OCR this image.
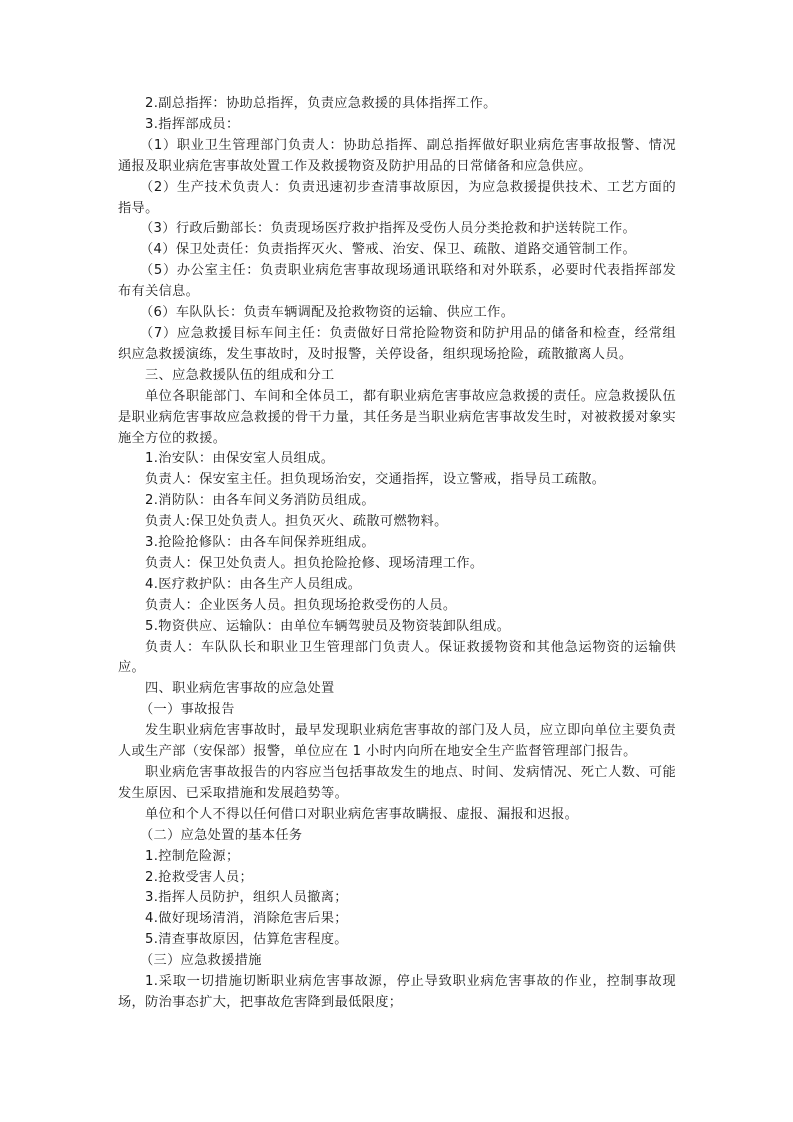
2.副总指挥：协助总指挥，负责应急救援的具体指挥工作。

3.指挥部成员：

（1）职业卫生管理部门负责人：协助总指挥、副总指挥做好职业病危害事故报警、情况通报及职业病危害事故处置工作及救援物资及防护用品的日常储备和应急供应。

（2）生产技术负责人：负责迅速初步查清事故原因，为应急救援提供技术、工艺方面的指导。

（3）行政后勤部长：负责现场医疗救护指挥及受伤人员分类抢救和护送转院工作。

（4）保卫处责任：负责指挥灭火、警戒、治安、保卫、疏散、道路交通管制工作。

（5）办公室主任：负责职业病危害事故现场通讯联络和对外联系，必要时代表指挥部发布有关信息。

（6）车队队长：负责车辆调配及抢救物资的运输、供应工作。

（7）应急救援目标车间主任：负责做好日常抢险物资和防护用品的储备和检查，经常组织应急救援演练，发生事故时，及时报警，关停设备，组织现场抢险，疏散撤离人员。

三、应急救援队伍的组成和分工

单位各职能部门、车间和全体员工，都有职业病危害事故应急救援的责任。应急救援队伍是职业病危害事故应急救援的骨干力量，其任务是当职业病危害事故发生时，对被救援对象实施全方位的救援。

1.治安队：由保安室人员组成。

负责人：保安室主任。担负现场治安，交通指挥，设立警戒，指导员工疏散。

2.消防队：由各车间义务消防员组成。

负责人:保卫处负责人。担负灭火、疏散可燃物料。

3.抢险抢修队：由各车间保养班组成。

负责人：保卫处负责人。担负抢险抢修、现场清理工作。

4.医疗救护队：由各生产人员组成。

负责人：企业医务人员。担负现场抢救受伤的人员。

5.物资供应、运输队：由单位车辆驾驶员及物资装卸队组成。

负责人：车队队长和职业卫生管理部门负责人。保证救援物资和其他急运物资的运输供应。

四、职业病危害事故的应急处置

（一）事故报告

发生职业病危害事故时，最早发现职业病危害事故的部门及人员，应立即向单位主要负责人或生产部（安保部）报警，单位应在 1 小时内向所在地安全生产监督管理部门报告。

职业病危害事故报告的内容应当包括事故发生的地点、时间、发病情况、死亡人数、可能发生原因、已采取措施和发展趋势等。

单位和个人不得以任何借口对职业病危害事故瞒报、虚报、漏报和迟报。

（二）应急处置的基本任务

1.控制危险源；

2.抢救受害人员；

3.指挥人员防护，组织人员撤离；

4.做好现场清消，消除危害后果；

5.清查事故原因，估算危害程度。

（三）应急救援措施

1.采取一切措施切断职业病危害事故源，停止导致职业病危害事故的作业，控制事故现场，防治事态扩大，把事故危害降到最低限度；
